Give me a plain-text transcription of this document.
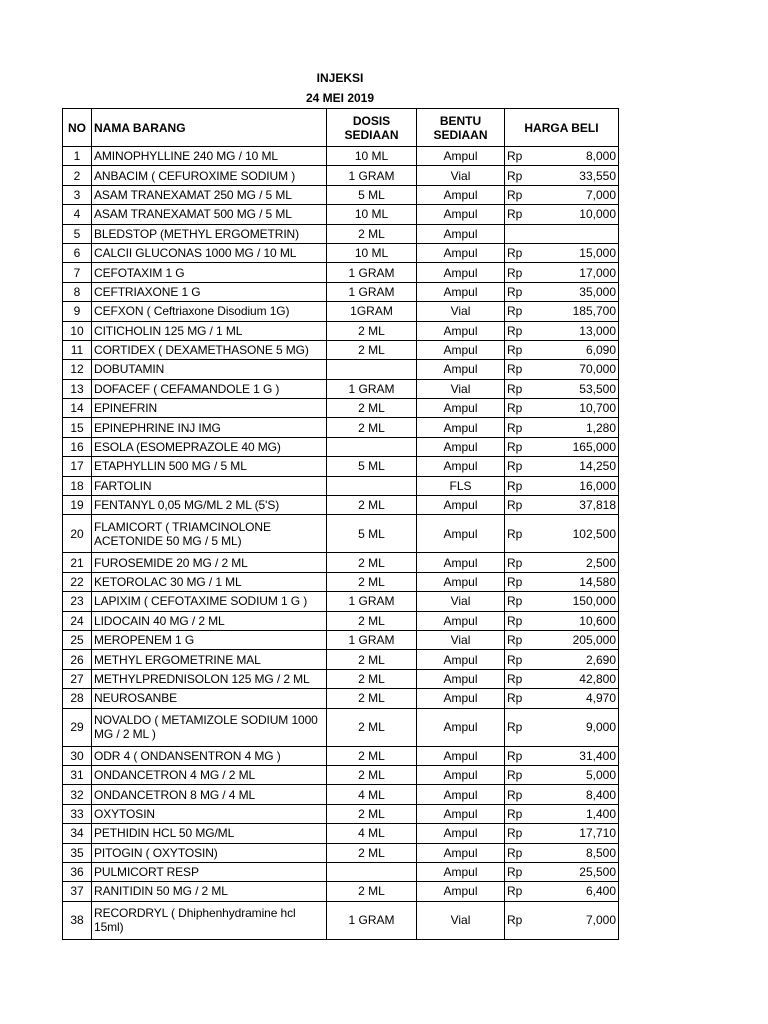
INJEKSI
24 MEI 2019
NO	NAMA BARANG	DOSIS SEDIAAN	BENTU SEDIAAN	HARGA BELI
1	AMINOPHYLLINE 240 MG / 10 ML	10 ML	Ampul	Rp 8,000

2	ANBACIM ( CEFUROXIME SODIUM )	1 GRAM	Vial	Rp 33,550

3	ASAM TRANEXAMAT 250 MG / 5 ML	5 ML	Ampul	Rp 7,000

4	ASAM TRANEXAMAT 500 MG / 5 ML	10 ML	Ampul	Rp 10,000

5	BLEDSTOP (METHYL ERGOMETRIN)	2 ML	Ampul	

6	CALCII GLUCONAS 1000 MG / 10 ML	10 ML	Ampul	Rp 15,000

7	CEFOTAXIM 1 G	1 GRAM	Ampul	Rp 17,000

8	CEFTRIAXONE 1 G	1 GRAM	Ampul	Rp 35,000

9	CEFXON ( Ceftriaxone Disodium 1G)	1GRAM	Vial	Rp 185,700

10	CITICHOLIN 125 MG / 1 ML	2 ML	Ampul	Rp 13,000

11	CORTIDEX ( DEXAMETHASONE 5 MG)	2 ML	Ampul	Rp 6,090

12	DOBUTAMIN		Ampul	Rp 70,000

13	DOFACEF ( CEFAMANDOLE 1 G )	1 GRAM	Vial	Rp 53,500

14	EPINEFRIN	2 ML	Ampul	Rp 10,700

15	EPINEPHRINE INJ IMG	2 ML	Ampul	Rp 1,280

16	ESOLA (ESOMEPRAZOLE 40 MG)		Ampul	Rp 165,000

17	ETAPHYLLIN 500 MG / 5 ML	5 ML	Ampul	Rp 14,250

18	FARTOLIN		FLS	Rp 16,000

19	FENTANYL 0,05 MG/ML 2 ML (5'S)	2 ML	Ampul	Rp 37,818

20	FLAMICORT ( TRIAMCINOLONE ACETONIDE 50 MG / 5 ML)	5 ML	Ampul	Rp 102,500

21	FUROSEMIDE 20 MG / 2 ML	2 ML	Ampul	Rp 2,500

22	KETOROLAC 30 MG / 1 ML	2 ML	Ampul	Rp 14,580

23	LAPIXIM ( CEFOTAXIME SODIUM 1 G )	1 GRAM	Vial	Rp 150,000

24	LIDOCAIN 40 MG / 2 ML	2 ML	Ampul	Rp 10,600

25	MEROPENEM 1 G	1 GRAM	Vial	Rp 205,000

26	METHYL ERGOMETRINE MAL	2 ML	Ampul	Rp 2,690

27	METHYLPREDNISOLON 125 MG / 2 ML	2 ML	Ampul	Rp 42,800

28	NEUROSANBE	2 ML	Ampul	Rp 4,970

29	NOVALDO ( METAMIZOLE SODIUM 1000 MG / 2 ML )	2 ML	Ampul	Rp 9,000

30	ODR 4 ( ONDANSENTRON 4 MG )	2 ML	Ampul	Rp 31,400

31	ONDANCETRON 4 MG / 2 ML	2 ML	Ampul	Rp 5,000

32	ONDANCETRON 8 MG / 4 ML	4 ML	Ampul	Rp 8,400

33	OXYTOSIN	2 ML	Ampul	Rp 1,400

34	PETHIDIN HCL 50 MG/ML	4 ML	Ampul	Rp 17,710

35	PITOGIN ( OXYTOSIN)	2 ML	Ampul	Rp 8,500

36	PULMICORT RESP		Ampul	Rp 25,500

37	RANITIDIN 50 MG / 2 ML	2 ML	Ampul	Rp 6,400

38	RECORDRYL ( Dhiphenhydramine hcl 15ml)	1 GRAM	Vial	Rp 7,000
